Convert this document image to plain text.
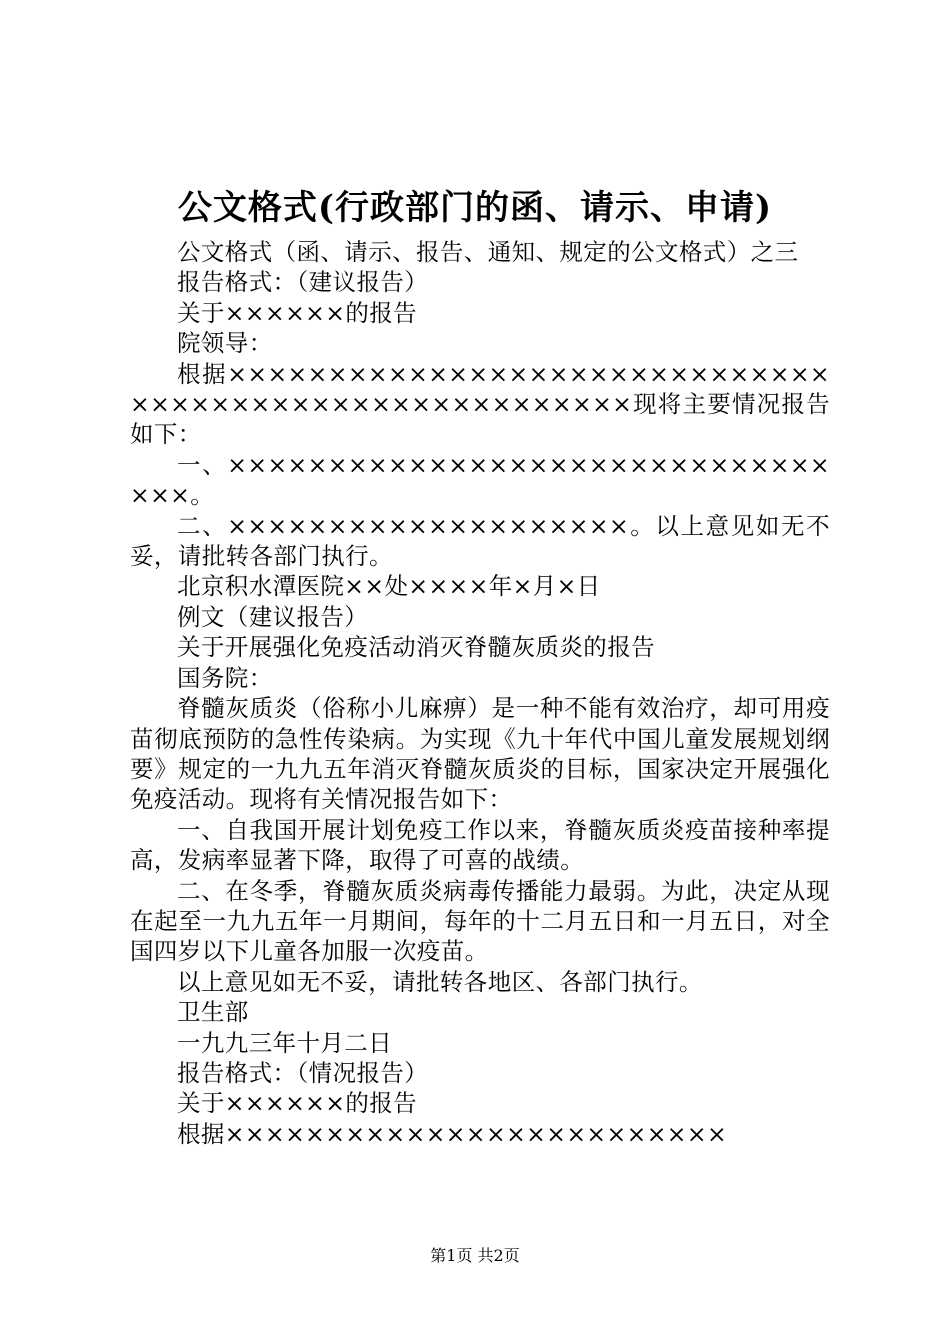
公文格式(行政部门的函、请示、申请)

公文格式（函、请示、报告、通知、规定的公文格式）之三

报告格式：（建议报告）

关于××××××的报告

院领导：

根据×××××××××××××××××××××××××××××××××××××××××××××××××××××××现将主要情况报告如下：

一、×××××××××××××××××××××××××××××××××。

二、××××××××××××××××××××。以上意见如无不妥，请批转各部门执行。

北京积水潭医院××处××××年×月×日

例文（建议报告）

关于开展强化免疫活动消灭脊髓灰质炎的报告

国务院：

脊髓灰质炎（俗称小儿麻痹）是一种不能有效治疗，却可用疫苗彻底预防的急性传染病。为实现《九十年代中国儿童发展规划纲要》规定的一九九五年消灭脊髓灰质炎的目标，国家决定开展强化免疫活动。现将有关情况报告如下：

一、自我国开展计划免疫工作以来，脊髓灰质炎疫苗接种率提高，发病率显著下降，取得了可喜的战绩。

二、在冬季，脊髓灰质炎病毒传播能力最弱。为此，决定从现在起至一九九五年一月期间，每年的十二月五日和一月五日，对全国四岁以下儿童各加服一次疫苗。

以上意见如无不妥，请批转各地区、各部门执行。

卫生部

一九九三年十月二日

报告格式：（情况报告）

关于××××××的报告

根据×××××××××××××××××××××××××

第1页 共2页
